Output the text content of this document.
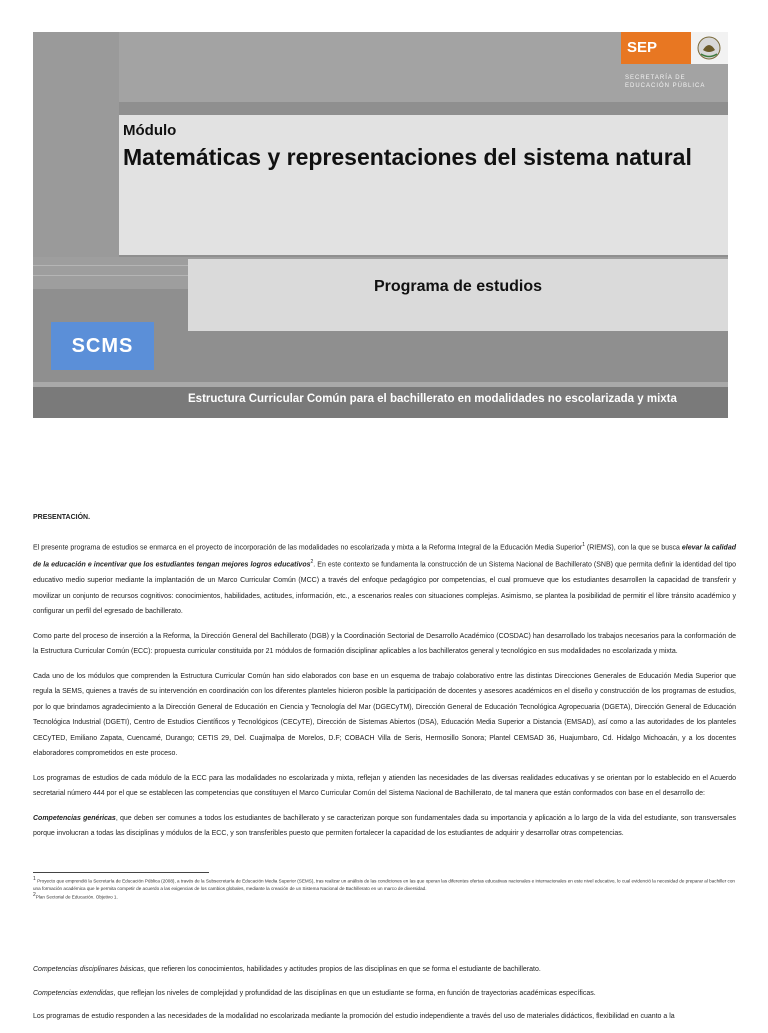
SEP
SECRETARÍA DE
EDUCACIÓN PÚBLICA
Módulo
Matemáticas y representaciones del sistema natural
Programa de estudios
SCMS
Estructura Curricular Común para el bachillerato en modalidades no escolarizada y mixta

PRESENTACIÓN.

El presente programa de estudios se enmarca en el proyecto de incorporación de las modalidades no escolarizada y mixta a la Reforma Integral de la Educación Media Superior$^1$ (RIEMS), con la que se busca elevar la calidad de la educación e incentivar que los estudiantes tengan mejores logros educativos$^2$. En este contexto se fundamenta la construcción de un Sistema Nacional de Bachillerato (SNB) que permita definir la identidad del tipo educativo medio superior mediante la implantación de un Marco Curricular Común (MCC) a través del enfoque pedagógico por competencias, el cual promueve que los estudiantes desarrollen la capacidad de transferir y movilizar un conjunto de recursos cognitivos: conocimientos, habilidades, actitudes, información, etc., a escenarios reales con situaciones complejas. Asimismo, se plantea la posibilidad de permitir el libre tránsito académico y configurar un perfil del egresado de bachillerato.

Como parte del proceso de inserción a la Reforma, la Dirección General del Bachillerato (DGB) y la Coordinación Sectorial de Desarrollo Académico (COSDAC) han desarrollado los trabajos necesarios para la conformación de la Estructura Curricular Común (ECC): propuesta curricular constituida por 21 módulos de formación disciplinar aplicables a los bachilleratos general y tecnológico en sus modalidades no escolarizada y mixta.

Cada uno de los módulos que comprenden la Estructura Curricular Común han sido elaborados con base en un esquema de trabajo colaborativo entre las distintas Direcciones Generales de Educación Media Superior que regula la SEMS, quienes a través de su intervención en coordinación con los diferentes planteles hicieron posible la participación de docentes y asesores académicos en el diseño y construcción de los programas de estudios, por lo que brindamos agradecimiento a la Dirección General de Educación en Ciencia y Tecnología del Mar (DGECyTM), Dirección General de Educación Tecnológica Agropecuaria (DGETA), Dirección General de Educación Tecnológica Industrial (DGETI), Centro de Estudios Científicos y Tecnológicos (CECyTE), Dirección de Sistemas Abiertos (DSA), Educación Media Superior a Distancia (EMSAD), así como a las autoridades de los planteles CECyTED, Emiliano Zapata, Cuencamé, Durango; CETIS 29, Del. Cuajimalpa de Morelos, D.F; COBACH Villa de Seris, Hermosillo Sonora; Plantel CEMSAD 36, Huajumbaro, Cd. Hidalgo Michoacán, y a los docentes elaboradores comprometidos en este proceso.

Los programas de estudios de cada módulo de la ECC para las modalidades no escolarizada y mixta, reflejan y atienden las necesidades de las diversas realidades educativas y se orientan por lo establecido en el Acuerdo secretarial número 444 por el que se establecen las competencias que constituyen el Marco Curricular Común del Sistema Nacional de Bachillerato, de tal manera que están conformados con base en el desarrollo de:

Competencias genéricas, que deben ser comunes a todos los estudiantes de bachillerato y se caracterizan porque son fundamentales dada su importancia y aplicación a lo largo de la vida del estudiante, son transversales porque involucran a todas las disciplinas y módulos de la ECC, y son transferibles puesto que permiten fortalecer la capacidad de los estudiantes de adquirir y desarrollar otras competencias.

$^1$ Proyecto que emprendió la Secretaría de Educación Pública (2008), a través de la Subsecretaría de Educación Media Superior (SEMS), tras realizar un análisis de las condiciones en las que operan las diferentes ofertas educativas nacionales e internacionales en este nivel educativo, lo cual evidenció la necesidad de preparar al bachiller con una formación académica que le permita competir de acuerdo a las exigencias de los cambios globales, mediante la creación de un Sistema Nacional de Bachillerato en un marco de diversidad.
$^2$Plan Sectorial de Educación. Objetivo 1.

Competencias disciplinares básicas, que refieren los conocimientos, habilidades y actitudes propios de las disciplinas en que se forma el estudiante de bachillerato.

Competencias extendidas, que reflejan los niveles de complejidad y profundidad de las disciplinas en que un estudiante se forma, en función de trayectorias académicas específicas.

Los programas de estudio responden a las necesidades de la modalidad no escolarizada mediante la promoción del estudio independiente a través del uso de materiales didácticos, flexibilidad en cuanto a la
